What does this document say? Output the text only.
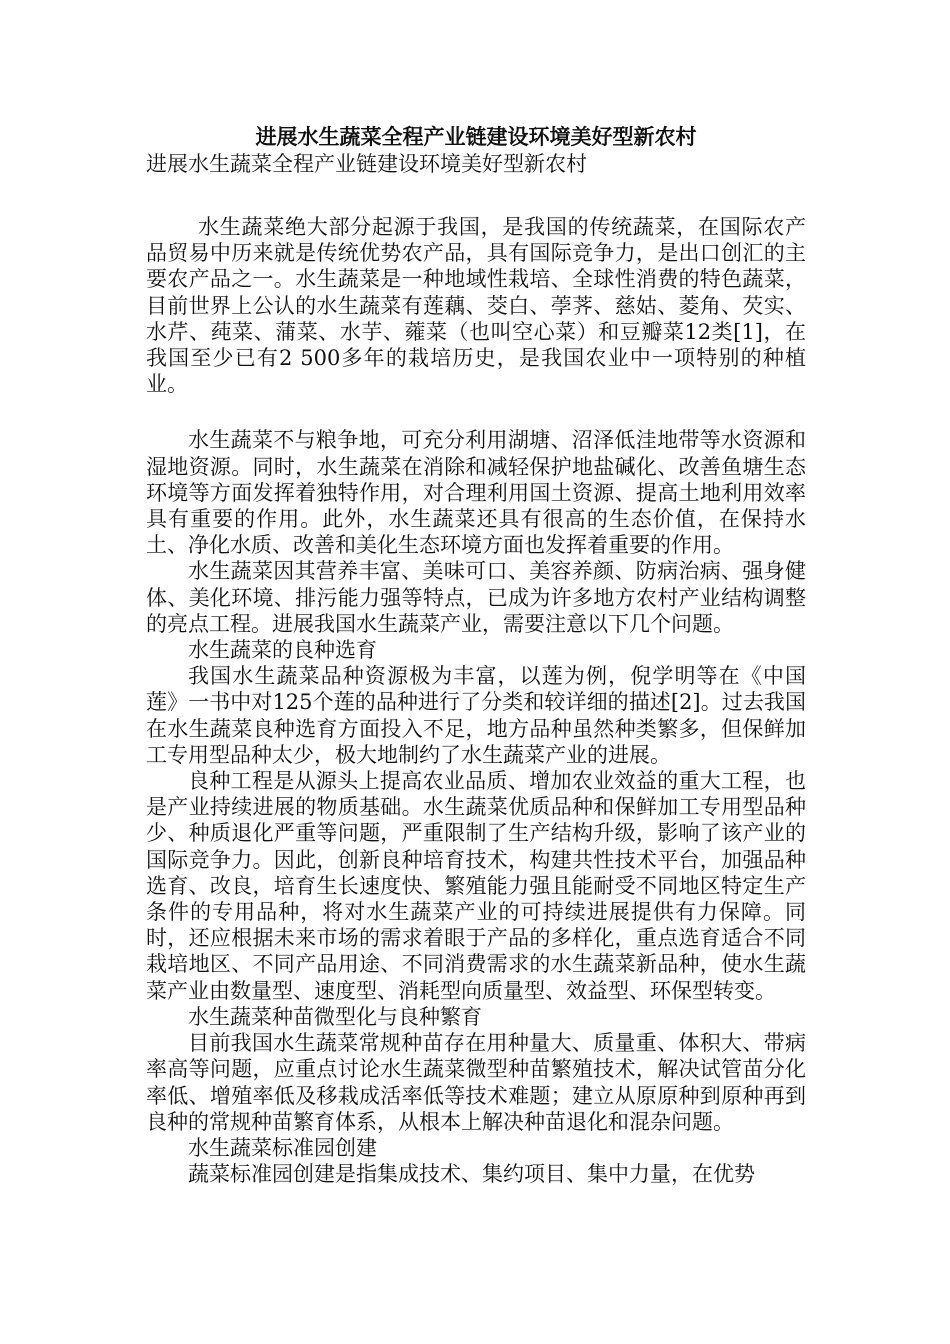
进展水生蔬菜全程产业链建设环境美好型新农村

进展水生蔬菜全程产业链建设环境美好型新农村

水生蔬菜绝大部分起源于我国，是我国的传统蔬菜，在国际农产品贸易中历来就是传统优势农产品，具有国际竞争力，是出口创汇的主要农产品之一。水生蔬菜是一种地域性栽培、全球性消费的特色蔬菜，目前世界上公认的水生蔬菜有莲藕、茭白、荸荠、慈姑、菱角、芡实、水芹、莼菜、蒲菜、水芋、蕹菜（也叫空心菜）和豆瓣菜12类[1]，在我国至少已有2 500多年的栽培历史，是我国农业中一项特别的种植业。

水生蔬菜不与粮争地，可充分利用湖塘、沼泽低洼地带等水资源和湿地资源。同时，水生蔬菜在消除和减轻保护地盐碱化、改善鱼塘生态环境等方面发挥着独特作用，对合理利用国土资源、提高土地利用效率具有重要的作用。此外，水生蔬菜还具有很高的生态价值，在保持水土、净化水质、改善和美化生态环境方面也发挥着重要的作用。

水生蔬菜因其营养丰富、美味可口、美容养颜、防病治病、强身健体、美化环境、排污能力强等特点，已成为许多地方农村产业结构调整的亮点工程。进展我国水生蔬菜产业，需要注意以下几个问题。

水生蔬菜的良种选育

我国水生蔬菜品种资源极为丰富，以莲为例，倪学明等在《中国莲》一书中对125个莲的品种进行了分类和较详细的描述[2]。过去我国在水生蔬菜良种选育方面投入不足，地方品种虽然种类繁多，但保鲜加工专用型品种太少，极大地制约了水生蔬菜产业的进展。

良种工程是从源头上提高农业品质、增加农业效益的重大工程，也是产业持续进展的物质基础。水生蔬菜优质品种和保鲜加工专用型品种少、种质退化严重等问题，严重限制了生产结构升级，影响了该产业的国际竞争力。因此，创新良种培育技术，构建共性技术平台，加强品种选育、改良，培育生长速度快、繁殖能力强且能耐受不同地区特定生产条件的专用品种，将对水生蔬菜产业的可持续进展提供有力保障。同时，还应根据未来市场的需求着眼于产品的多样化，重点选育适合不同栽培地区、不同产品用途、不同消费需求的水生蔬菜新品种，使水生蔬菜产业由数量型、速度型、消耗型向质量型、效益型、环保型转变。

水生蔬菜种苗微型化与良种繁育

目前我国水生蔬菜常规种苗存在用种量大、质量重、体积大、带病率高等问题，应重点讨论水生蔬菜微型种苗繁殖技术，解决试管苗分化率低、增殖率低及移栽成活率低等技术难题；建立从原原种到原种再到良种的常规种苗繁育体系，从根本上解决种苗退化和混杂问题。

水生蔬菜标准园创建

蔬菜标准园创建是指集成技术、集约项目、集中力量，在优势
